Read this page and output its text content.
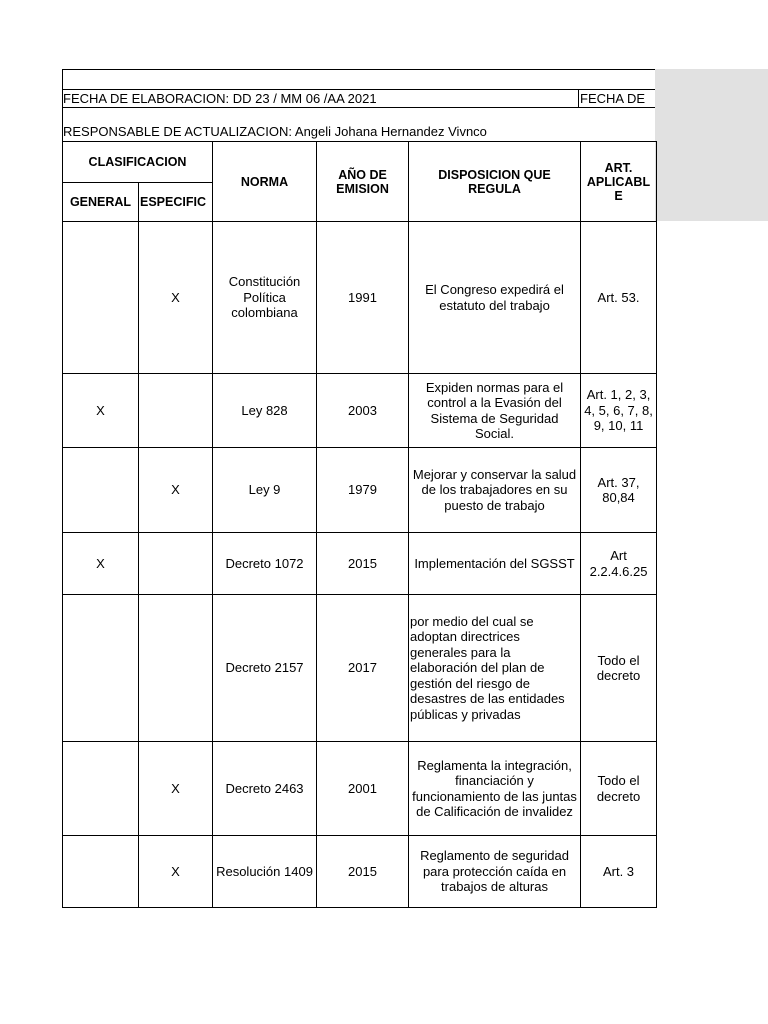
FECHA DE ELABORACION: DD 23 / MM 06 /AA 2021	FECHA DE
RESPONSABLE DE ACTUALIZACION: Angeli Johana Hernandez Vivnco
CLASIFICACION		NORMA	AÑO DE EMISION	DISPOSICION QUE REGULA	ART. APLICABL E
GENERAL	ESPECIFIC				
	X	Constitución Política colombiana	1991	El Congreso expedirá el estatuto del trabajo	Art. 53.
X		Ley 828	2003	Expiden normas para el control a la Evasión del Sistema de Seguridad Social.	Art. 1, 2, 3, 4, 5, 6, 7, 8, 9, 10, 11
	X	Ley 9	1979	Mejorar y conservar la salud de los trabajadores en su puesto de trabajo	Art. 37, 80,84
X		Decreto 1072	2015	Implementación del SGSST	Art 2.2.4.6.25
		Decreto 2157	2017	por medio del cual se adoptan directrices generales para la elaboración del plan de gestión del riesgo de desastres de las entidades públicas y privadas	Todo el decreto
	X	Decreto 2463	2001	Reglamenta la integración, financiación y funcionamiento de las juntas de Calificación de invalidez	Todo el decreto
	X	Resolución 1409	2015	Reglamento de seguridad para protección caída en trabajos de alturas	Art. 3
